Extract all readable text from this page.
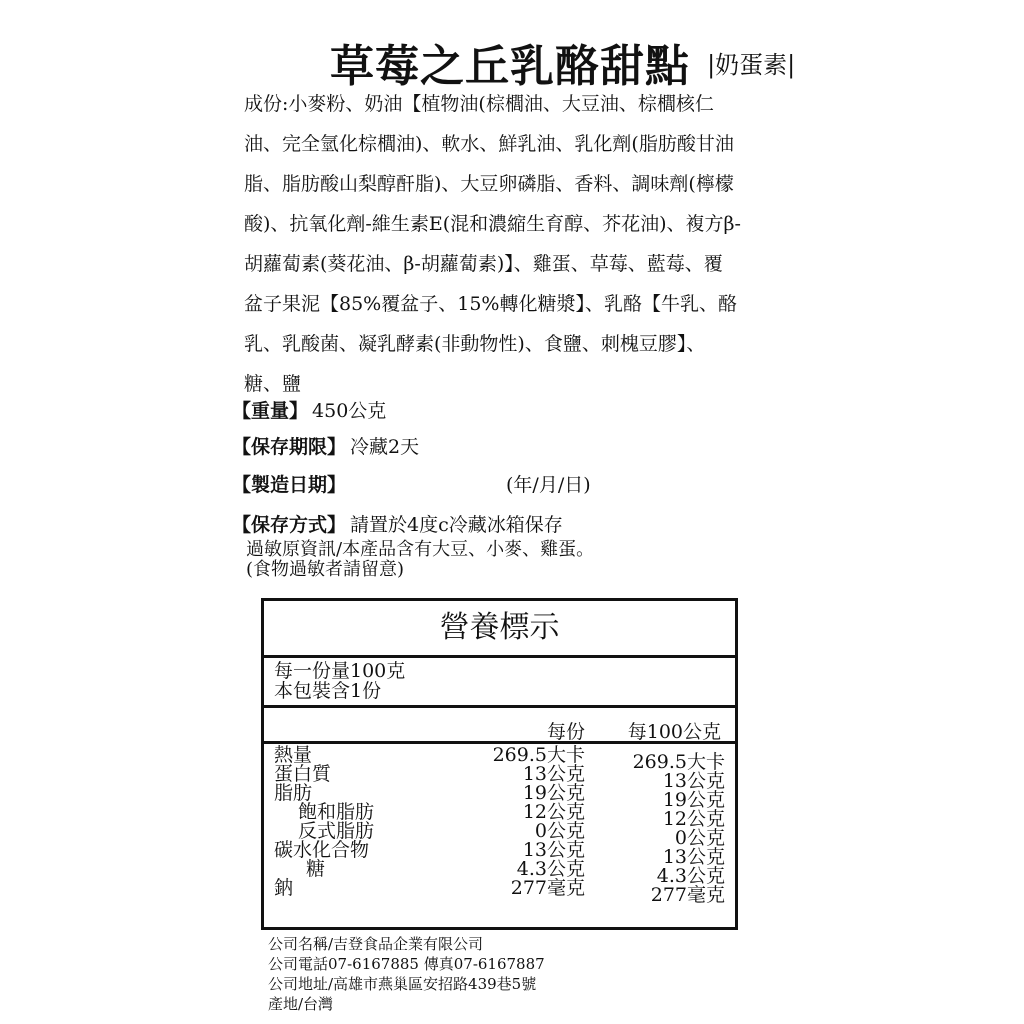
草莓之丘乳酪甜點 |奶蛋素|
成份:小麥粉、奶油【植物油(棕櫚油、大豆油、棕櫚核仁
油、完全氫化棕櫚油)、軟水、鮮乳油、乳化劑(脂肪酸甘油
脂、脂肪酸山梨醇酐脂)、大豆卵磷脂、香料、調味劑(檸檬
酸)、抗氧化劑-維生素E(混和濃縮生育醇、芥花油)、複方β-
胡蘿蔔素(葵花油、β-胡蘿蔔素)】、雞蛋、草莓、藍莓、覆
盆子果泥【85%覆盆子、15%轉化糖漿】、乳酪【牛乳、酪
乳、乳酸菌、凝乳酵素(非動物性)、食鹽、刺槐豆膠】、
糖、鹽
【重量】 450公克
【保存期限】 冷藏2天
【製造日期】	(年/月/日)
【保存方式】 請置於4度c冷藏冰箱保存
過敏原資訊/本產品含有大豆、小麥、雞蛋。
(食物過敏者請留意)
營養標示
每一份量100克
本包裝含1份
每份 每100公克
熱量
蛋白質
脂肪
飽和脂肪
反式脂肪
碳水化合物
糖
鈉
269.5大卡
13公克
19公克
12公克
0公克
13公克
4.3公克
277毫克
269.5大卡
13公克
19公克
12公克
0公克
13公克
4.3公克
277毫克
公司名稱/吉登食品企業有限公司
公司電話07-6167885 傳真07-6167887
公司地址/高雄市燕巢區安招路439巷5號
產地/台灣
